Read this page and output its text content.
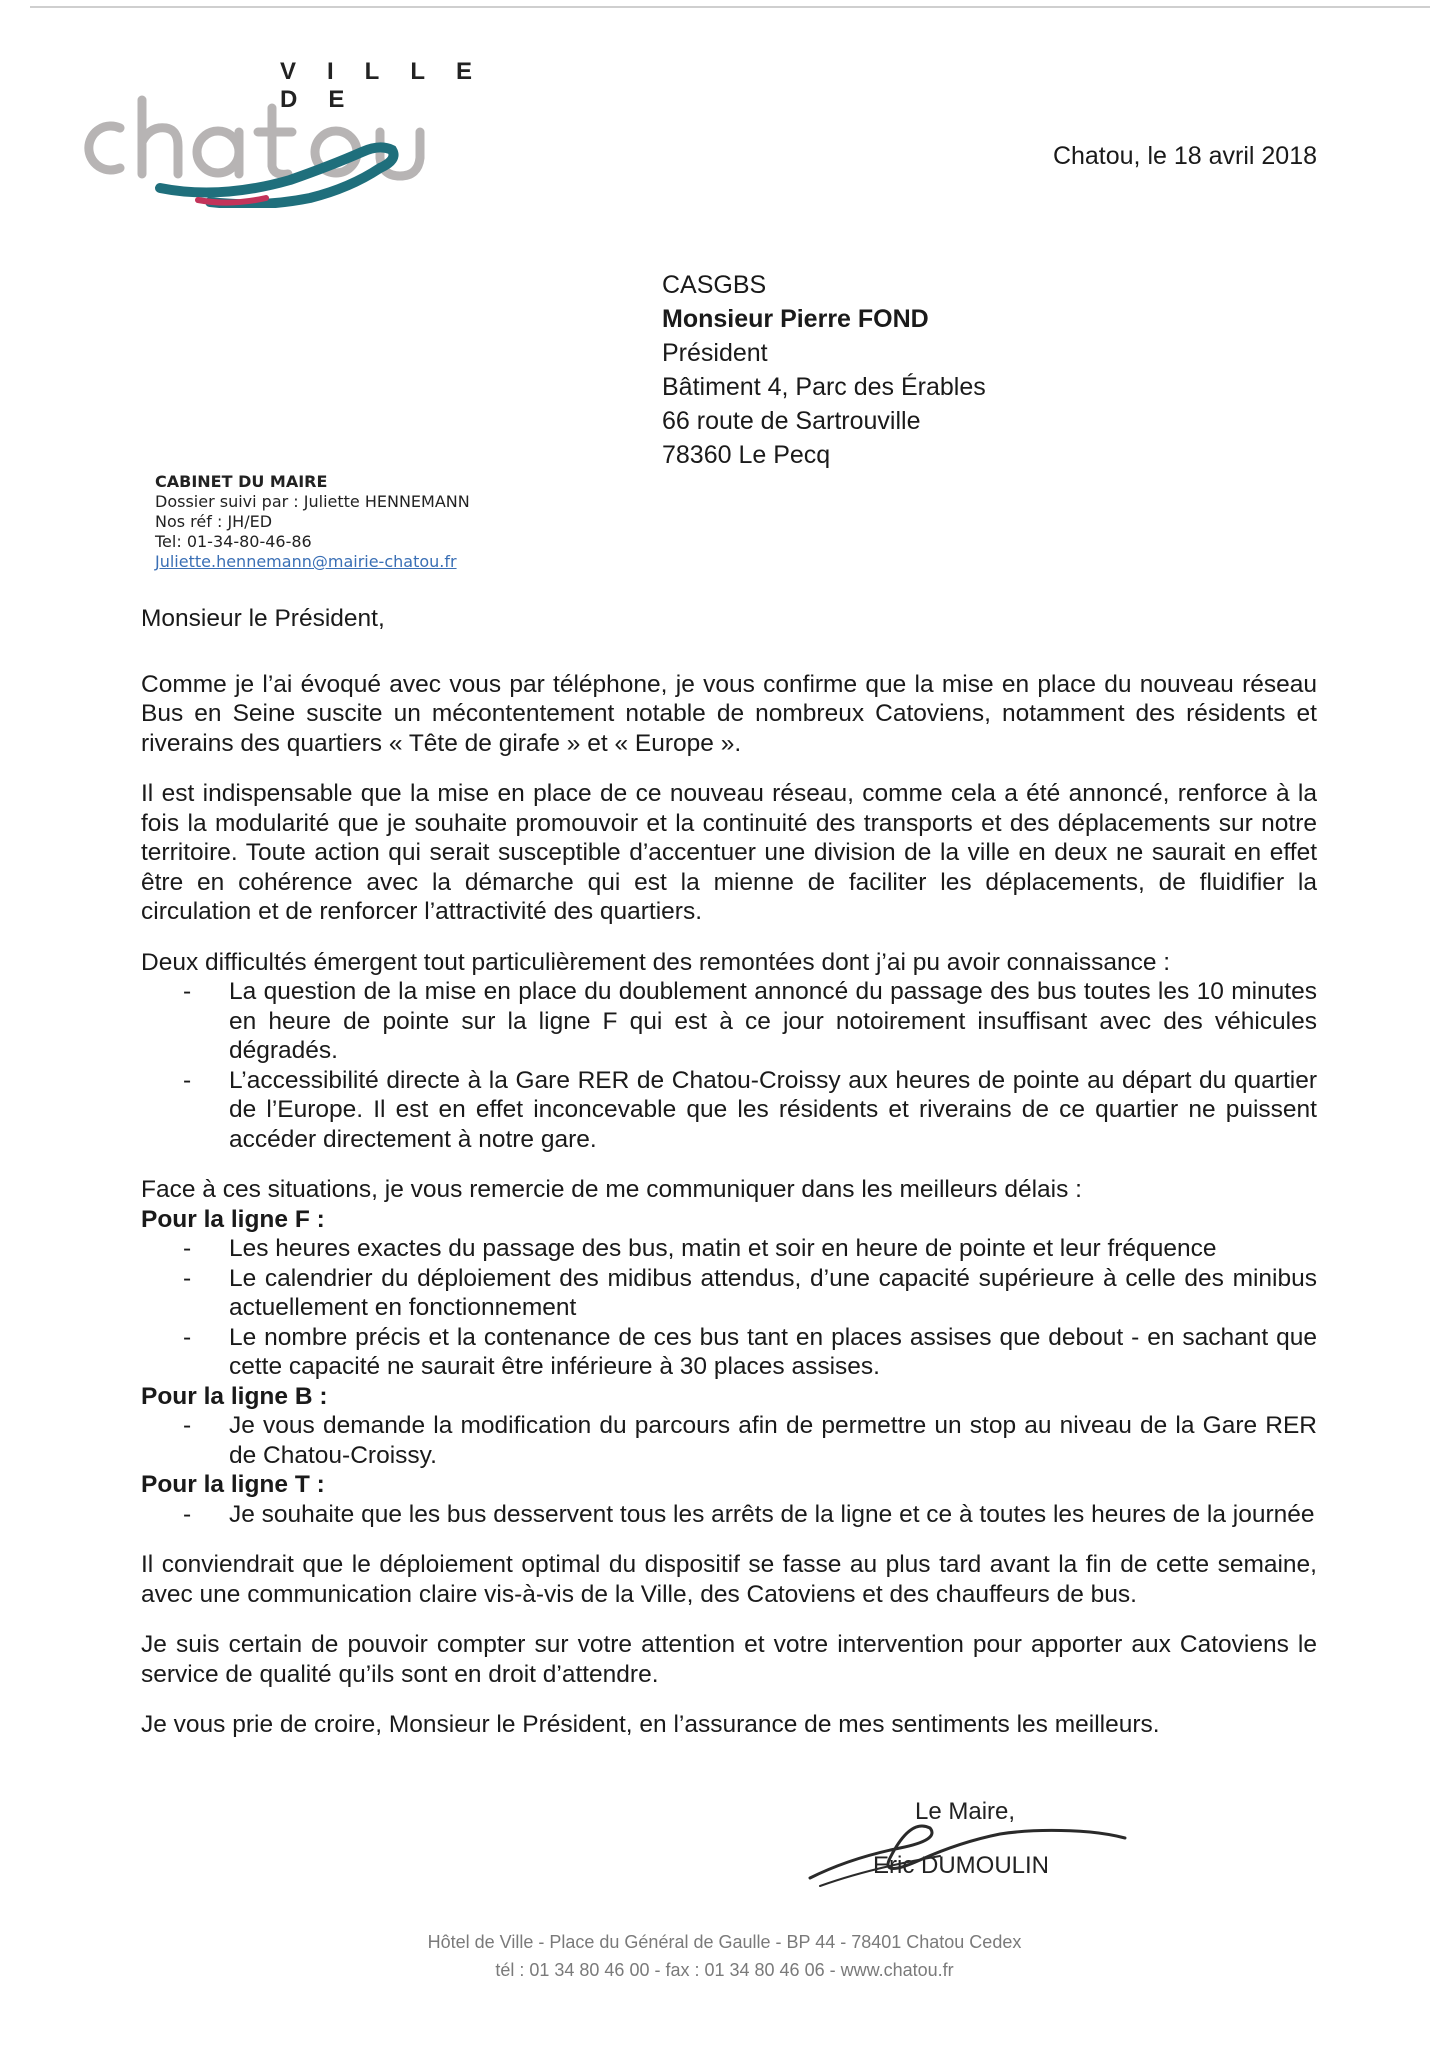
VILLE DE
Chatou, le 18 avril 2018
CASGBS
Monsieur Pierre FOND
Président
Bâtiment 4, Parc des Érables
66 route de Sartrouville
78360 Le Pecq
CABINET DU MAIRE
Dossier suivi par : Juliette HENNEMANN
Nos réf : JH/ED
Tel: 01-34-80-46-86
Juliette.hennemann@mairie-chatou.fr

Monsieur le Président,

Comme je l’ai évoqué avec vous par téléphone, je vous confirme que la mise en place du nouveau réseau Bus en Seine suscite un mécontentement notable de nombreux Catoviens, notamment des résidents et riverains des quartiers « Tête de girafe » et « Europe ».

Il est indispensable que la mise en place de ce nouveau réseau, comme cela a été annoncé, renforce à la fois la modularité que je souhaite promouvoir et la continuité des transports et des déplacements sur notre territoire. Toute action qui serait susceptible d’accentuer une division de la ville en deux ne saurait en effet être en cohérence avec la démarche qui est la mienne de faciliter les déplacements, de fluidifier la circulation et de renforcer l’attractivité des quartiers.

Deux difficultés émergent tout particulièrement des remontées dont j’ai pu avoir connaissance :

- La question de la mise en place du doublement annoncé du passage des bus toutes les 10 minutes en heure de pointe sur la ligne F qui est à ce jour notoirement insuffisant avec des véhicules dégradés.
- L’accessibilité directe à la Gare RER de Chatou-Croissy aux heures de pointe au départ du quartier de l’Europe. Il est en effet inconcevable que les résidents et riverains de ce quartier ne puissent accéder directement à notre gare.

Face à ces situations, je vous remercie de me communiquer dans les meilleurs délais :

Pour la ligne F :

- Les heures exactes du passage des bus, matin et soir en heure de pointe et leur fréquence
- Le calendrier du déploiement des midibus attendus, d’une capacité supérieure à celle des minibus actuellement en fonctionnement
- Le nombre précis et la contenance de ces bus tant en places assises que debout - en sachant que cette capacité ne saurait être inférieure à 30 places assises.

Pour la ligne B :

- Je vous demande la modification du parcours afin de permettre un stop au niveau de la Gare RER de Chatou-Croissy.

Pour la ligne T :

- Je souhaite que les bus desservent tous les arrêts de la ligne et ce à toutes les heures de la journée

Il conviendrait que le déploiement optimal du dispositif se fasse au plus tard avant la fin de cette semaine, avec une communication claire vis-à-vis de la Ville, des Catoviens et des chauffeurs de bus.

Je suis certain de pouvoir compter sur votre attention et votre intervention pour apporter aux Catoviens le service de qualité qu’ils sont en droit d’attendre.

Je vous prie de croire, Monsieur le Président, en l’assurance de mes sentiments les meilleurs.

Le Maire,
Eric DUMOULIN
Hôtel de Ville - Place du Général de Gaulle - BP 44 - 78401 Chatou Cedex
tél : 01 34 80 46 00 - fax : 01 34 80 46 06 - www.chatou.fr
